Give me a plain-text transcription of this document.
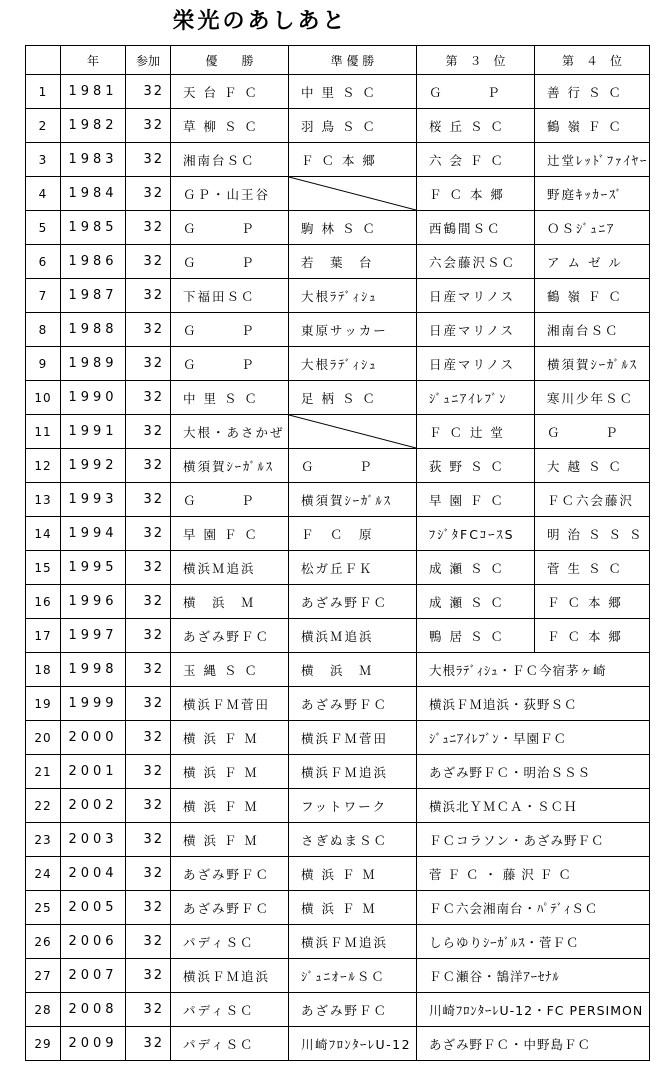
栄光のあしあと
	年	参加	優　　勝	準 優 勝	第　３　位	第　４　位
1	1981	32	天 台 Ｆ Ｃ	中 里 Ｓ Ｃ	Ｇ　　　Ｐ	善 行 Ｓ Ｃ
2	1982	32	草 柳 Ｓ Ｃ	羽 鳥 Ｓ Ｃ	桜 丘 Ｓ Ｃ	鶴 嶺 Ｆ Ｃ
3	1983	32	湘南台ＳＣ	Ｆ Ｃ 本 郷	六 会 Ｆ Ｃ	辻堂ﾚｯﾄﾞﾌｧｲﾔｰ
4	1984	32	ＧＰ・山王谷		Ｆ Ｃ 本 郷	野庭ｷｯｶｰｽﾞ
5	1985	32	Ｇ　　　Ｐ	駒 林 Ｓ Ｃ	西鶴間ＳＣ	ＯＳｼﾞｭﾆｱ
6	1986	32	Ｇ　　　Ｐ	若　葉　台	六会藤沢ＳＣ	ア ム ゼ ル
7	1987	32	下福田ＳＣ	大根ﾗﾃﾞｨｼｭ	日産マリノス	鶴 嶺 Ｆ Ｃ
8	1988	32	Ｇ　　　Ｐ	東原サッカー	日産マリノス	湘南台ＳＣ
9	1989	32	Ｇ　　　Ｐ	大根ﾗﾃﾞｨｼｭ	日産マリノス	横須賀ｼｰｶﾞﾙｽ
10	1990	32	中 里 Ｓ Ｃ	足 柄 Ｓ Ｃ	ｼﾞｭﾆｱｲﾚﾌﾞﾝ	寒川少年ＳＣ
11	1991	32	大根・あさかぜ		Ｆ Ｃ 辻 堂	Ｇ　　　Ｐ
12	1992	32	横須賀ｼｰｶﾞﾙｽ	Ｇ　　　Ｐ	荻 野 Ｓ Ｃ	大 越 Ｓ Ｃ
13	1993	32	Ｇ　　　Ｐ	横須賀ｼｰｶﾞﾙｽ	早 園 Ｆ Ｃ	ＦＣ六会藤沢
14	1994	32	早 園 Ｆ Ｃ	Ｆ　Ｃ　原	ﾌｼﾞﾀFCｺｰｽS	明 治 Ｓ Ｓ Ｓ
15	1995	32	横浜Ｍ追浜	松ガ丘ＦＫ	成 瀬 Ｓ Ｃ	菅 生 Ｓ Ｃ
16	1996	32	横　浜　Ｍ	あざみ野ＦＣ	成 瀬 Ｓ Ｃ	Ｆ Ｃ 本 郷
17	1997	32	あざみ野ＦＣ	横浜Ｍ追浜	鴨 居 Ｓ Ｃ	Ｆ Ｃ 本 郷
18	1998	32	玉 縄 Ｓ Ｃ	横　浜　Ｍ	大根ﾗﾃﾞｨｼｭ・ＦＣ今宿茅ヶ崎	
19	1999	32	横浜ＦＭ菅田	あざみ野ＦＣ	横浜ＦＭ追浜・荻野ＳＣ	
20	2000	32	横 浜 Ｆ Ｍ	横浜ＦＭ菅田	ｼﾞｭﾆｱｲﾚﾌﾞﾝ・早園ＦＣ	
21	2001	32	横 浜 Ｆ Ｍ	横浜ＦＭ追浜	あざみ野ＦＣ・明治ＳＳＳ	
22	2002	32	横 浜 Ｆ Ｍ	フットワーク	横浜北ＹＭＣＡ・ＳＣＨ	
23	2003	32	横 浜 Ｆ Ｍ	さぎぬまＳＣ	ＦＣコラソン・あざみ野ＦＣ	
24	2004	32	あざみ野ＦＣ	横 浜 Ｆ Ｍ	菅 Ｆ Ｃ ・ 藤 沢 Ｆ Ｃ	
25	2005	32	あざみ野ＦＣ	横 浜 Ｆ Ｍ	ＦＣ六会湘南台・ﾊﾟﾃﾞｨＳＣ	
26	2006	32	パディＳＣ	横浜ＦＭ追浜	しらゆりｼｰｶﾞﾙｽ・菅ＦＣ	
27	2007	32	横浜ＦＭ追浜	ｼﾞｭﾆｵｰﾙＳＣ	ＦＣ瀬谷・鵠洋ｱｰｾﾅﾙ	
28	2008	32	パディＳＣ	あざみ野ＦＣ	川崎ﾌﾛﾝﾀｰﾚU-12・FC PERSIMON	
29	2009	32	パディＳＣ	川崎ﾌﾛﾝﾀｰﾚU-12	あざみ野ＦＣ・中野島ＦＣ	
